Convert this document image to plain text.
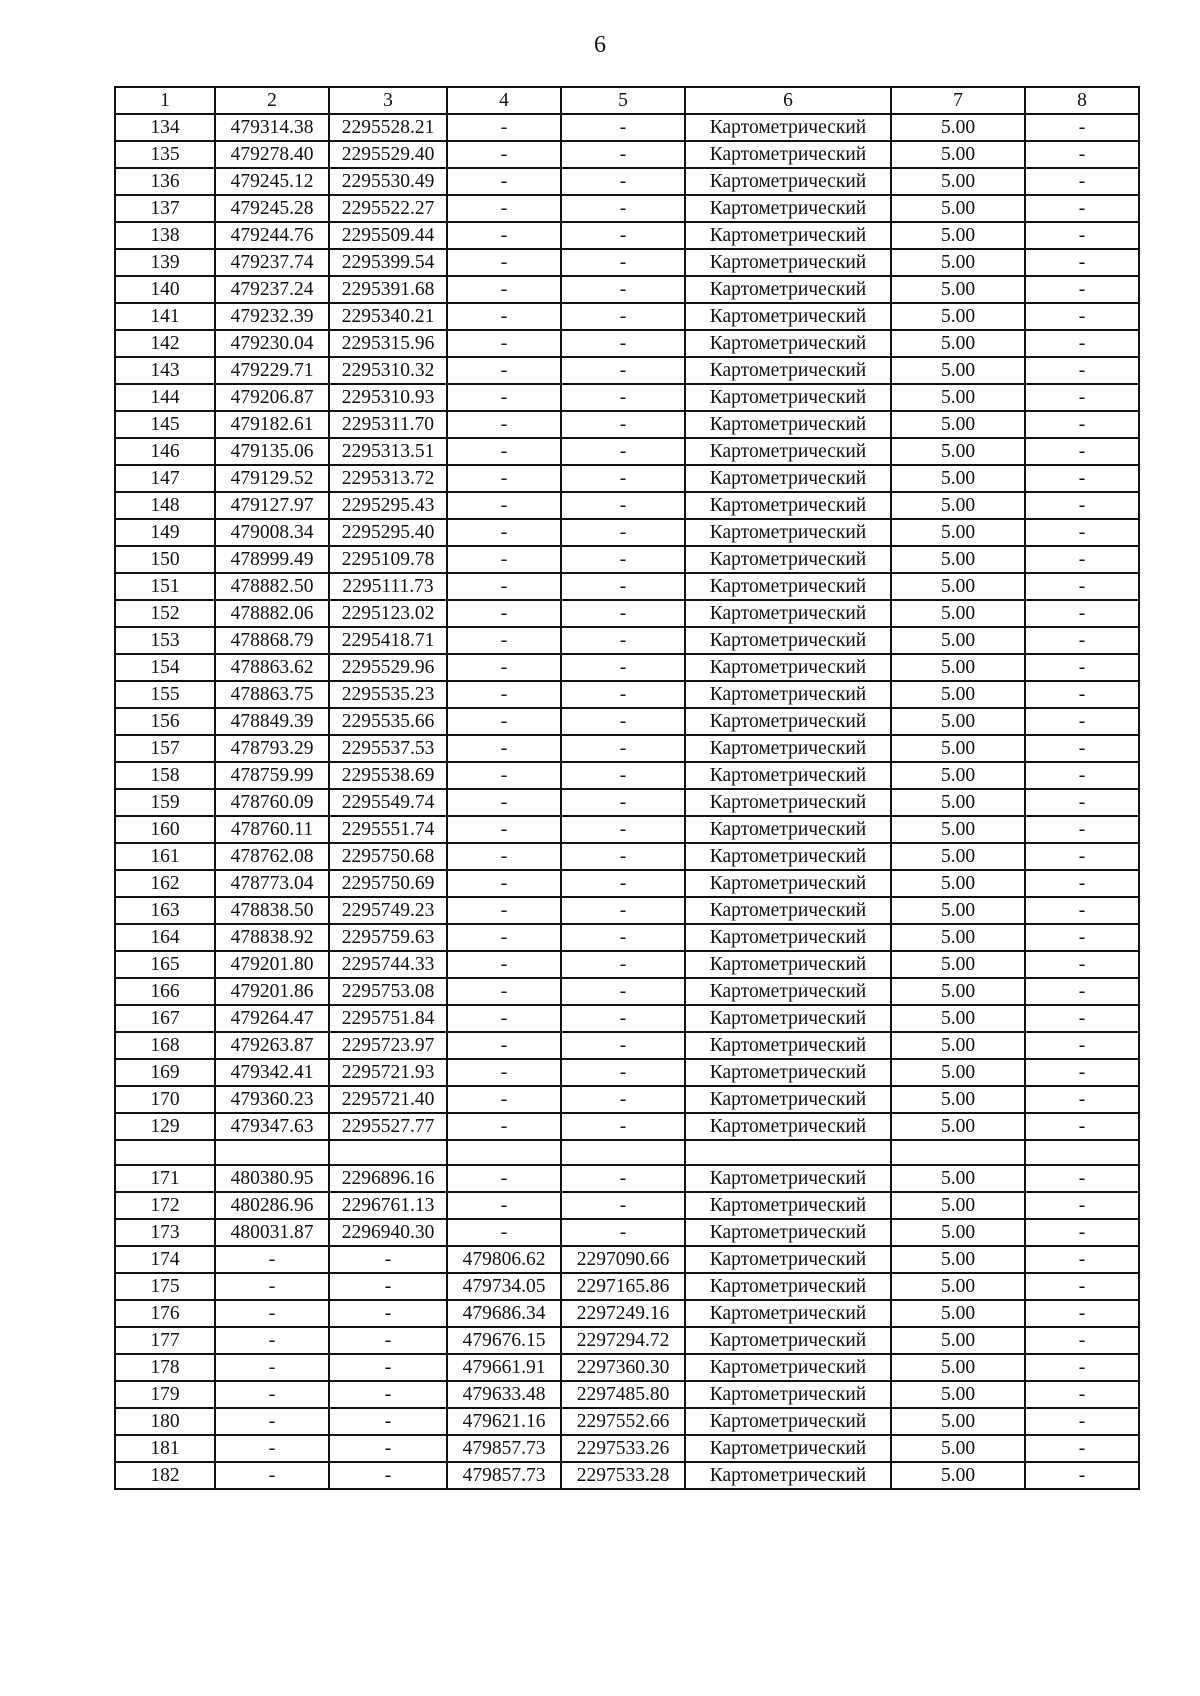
6
1	2	3	4	5	6	7	8
134	479314.38	2295528.21	-	-	Картометрический	5.00	-
135	479278.40	2295529.40	-	-	Картометрический	5.00	-
136	479245.12	2295530.49	-	-	Картометрический	5.00	-
137	479245.28	2295522.27	-	-	Картометрический	5.00	-
138	479244.76	2295509.44	-	-	Картометрический	5.00	-
139	479237.74	2295399.54	-	-	Картометрический	5.00	-
140	479237.24	2295391.68	-	-	Картометрический	5.00	-
141	479232.39	2295340.21	-	-	Картометрический	5.00	-
142	479230.04	2295315.96	-	-	Картометрический	5.00	-
143	479229.71	2295310.32	-	-	Картометрический	5.00	-
144	479206.87	2295310.93	-	-	Картометрический	5.00	-
145	479182.61	2295311.70	-	-	Картометрический	5.00	-
146	479135.06	2295313.51	-	-	Картометрический	5.00	-
147	479129.52	2295313.72	-	-	Картометрический	5.00	-
148	479127.97	2295295.43	-	-	Картометрический	5.00	-
149	479008.34	2295295.40	-	-	Картометрический	5.00	-
150	478999.49	2295109.78	-	-	Картометрический	5.00	-
151	478882.50	2295111.73	-	-	Картометрический	5.00	-
152	478882.06	2295123.02	-	-	Картометрический	5.00	-
153	478868.79	2295418.71	-	-	Картометрический	5.00	-
154	478863.62	2295529.96	-	-	Картометрический	5.00	-
155	478863.75	2295535.23	-	-	Картометрический	5.00	-
156	478849.39	2295535.66	-	-	Картометрический	5.00	-
157	478793.29	2295537.53	-	-	Картометрический	5.00	-
158	478759.99	2295538.69	-	-	Картометрический	5.00	-
159	478760.09	2295549.74	-	-	Картометрический	5.00	-
160	478760.11	2295551.74	-	-	Картометрический	5.00	-
161	478762.08	2295750.68	-	-	Картометрический	5.00	-
162	478773.04	2295750.69	-	-	Картометрический	5.00	-
163	478838.50	2295749.23	-	-	Картометрический	5.00	-
164	478838.92	2295759.63	-	-	Картометрический	5.00	-
165	479201.80	2295744.33	-	-	Картометрический	5.00	-
166	479201.86	2295753.08	-	-	Картометрический	5.00	-
167	479264.47	2295751.84	-	-	Картометрический	5.00	-
168	479263.87	2295723.97	-	-	Картометрический	5.00	-
169	479342.41	2295721.93	-	-	Картометрический	5.00	-
170	479360.23	2295721.40	-	-	Картометрический	5.00	-
129	479347.63	2295527.77	-	-	Картометрический	5.00	-

171	480380.95	2296896.16	-	-	Картометрический	5.00	-
172	480286.96	2296761.13	-	-	Картометрический	5.00	-
173	480031.87	2296940.30	-	-	Картометрический	5.00	-
174	-	-	479806.62	2297090.66	Картометрический	5.00	-
175	-	-	479734.05	2297165.86	Картометрический	5.00	-
176	-	-	479686.34	2297249.16	Картометрический	5.00	-
177	-	-	479676.15	2297294.72	Картометрический	5.00	-
178	-	-	479661.91	2297360.30	Картометрический	5.00	-
179	-	-	479633.48	2297485.80	Картометрический	5.00	-
180	-	-	479621.16	2297552.66	Картометрический	5.00	-
181	-	-	479857.73	2297533.26	Картометрический	5.00	-
182	-	-	479857.73	2297533.28	Картометрический	5.00	-
